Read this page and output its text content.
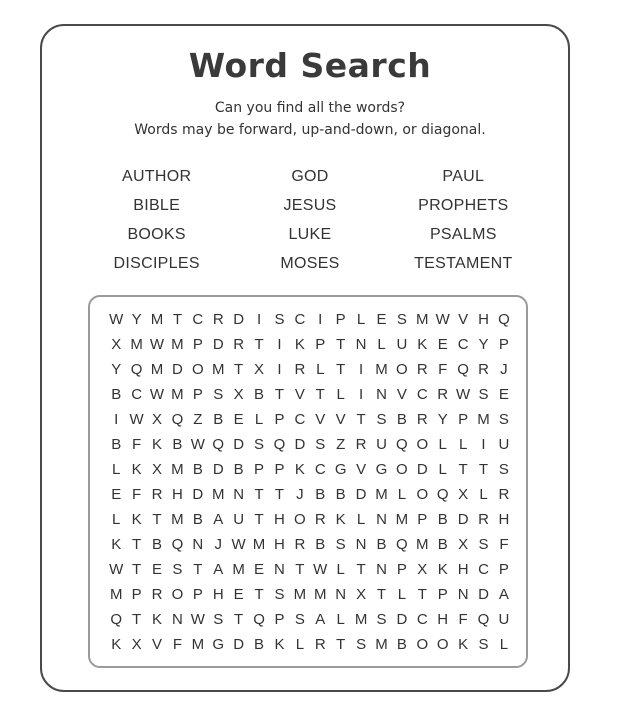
Word Search
Can you find all the words?
Words may be forward, up-and-down, or diagonal.
AUTHOR	GOD	PAUL
BIBLE	JESUS	PROPHETS
BOOKS	LUKE	PSALMS
DISCIPLES	MOSES	TESTAMENT
W Y M T C R D I S C I P L E S M W V H Q
X M W M P D R T I K P T N L U K E C Y P
Y Q M D O M T X I R L T I M O R F Q R J
B C W M P S X B T V T L I N V C R W S E
I W X Q Z B E L P C V V T S B R Y P M S
B F K B W Q D S Q D S Z R U Q O L L I U
L K X M B D B P P K C G V G O D L T T S
E F R H D M N T T J B B D M L O Q X L R
L K T M B A U T H O R K L N M P B D R H
K T B Q N J W M H R B S N B Q M B X S F
W T E S T A M E N T W L T N P X K H C P
M P R O P H E T S M M N X T L T P N D A
Q T K N W S T Q P S A L M S D C H F Q U
K X V F M G D B K L R T S M B O O K S L
